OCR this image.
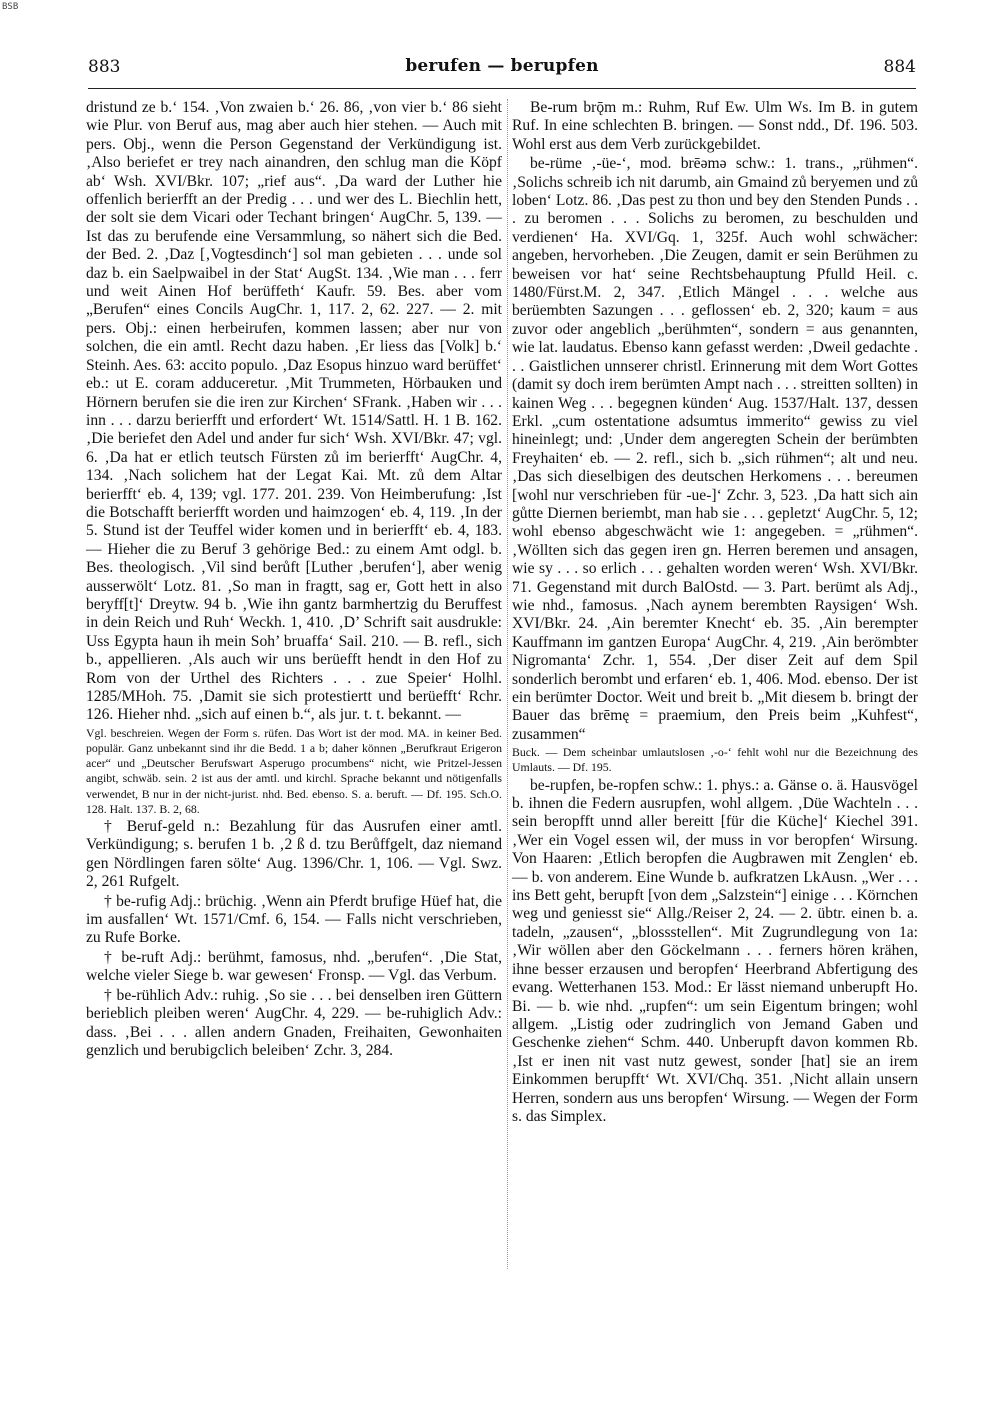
BSB
883	berufen — berupfen	884

dristund ze b.‘ 154. ‚Von zwaien b.‘ 26. 86, ‚von vier b.‘ 86 sieht wie Plur. von Beruf aus, mag aber auch hier stehen. — Auch mit pers. Obj., wenn die Person Gegenstand der Verkündigung ist. ‚Also beriefet er trey nach ainandren, den schlug man die Köpf ab‘ Wsh. XVI/Bkr. 107; „rief aus“. ‚Da ward der Luther hie offenlich berierfft an der Predig . . . und wer des L. Biechlin hett, der solt sie dem Vicari oder Techant bringen‘ AugChr. 5, 139. — Ist das zu berufende eine Versammlung, so nähert sich die Bed. der Bed. 2. ‚Daz [‚Vogtesdinch‘] sol man gebieten . . . unde sol daz b. ein Saelpwaibel in der Stat‘ AugSt. 134. ‚Wie man . . . ferr und weit Ainen Hof berüffeth‘ Kaufr. 59. Bes. aber vom „Berufen“ eines Concils AugChr. 1, 117. 2, 62. 227. — 2. mit pers. Obj.: einen herbeirufen, kommen lassen; aber nur von solchen, die ein amtl. Recht dazu haben. ‚Er liess das [Volk] b.‘ Steinh. Aes. 63: accito populo. ‚Daz Esopus hinzuo ward berüffet‘ eb.: ut E. coram adduceretur. ‚Mit Trummeten, Hörbauken und Hörnern berufen sie die iren zur Kirchen‘ SFrank. ‚Haben wir . . . inn . . . darzu berierfft und erfordert‘ Wt. 1514/Sattl. H. 1 B. 162. ‚Die beriefet den Adel und ander fur sich‘ Wsh. XVI/Bkr. 47; vgl. 6. ‚Da hat er etlich teutsch Fürsten zů im berierfft‘ AugChr. 4, 134. ‚Nach solichem hat der Legat Kai. Mt. zů dem Altar berierfft‘ eb. 4, 139; vgl. 177. 201. 239. Von Heimberufung: ‚Ist die Botschafft berierfft worden und haimzogen‘ eb. 4, 119. ‚In der 5. Stund ist der Teuffel wider komen und in berierfft‘ eb. 4, 183. — Hieher die zu Beruf 3 gehörige Bed.: zu einem Amt odgl. b. Bes. theologisch. ‚Vil sind berůft [Luther ‚berufen‘], aber wenig ausserwölt‘ Lotz. 81. ‚So man in fragtt, sag er, Gott hett in also beryff[t]‘ Dreytw. 94 b. ‚Wie ihn gantz barmhertzig du Beruffest in dein Reich und Ruh‘ Weckh. 1, 410. ‚D’ Schrift sait ausdrukle: Uss Egypta haun ih mein Soh’ bruaffa‘ Sail. 210. — B. refl., sich b., appellieren. ‚Als auch wir uns berüefft hendt in den Hof zu Rom von der Urthel des Richters . . . zue Speier‘ Holhl. 1285/MHoh. 75. ‚Damit sie sich protestiertt und berüefft‘ Rchr. 126. Hieher nhd. „sich auf einen b.“, als jur. t. t. bekannt. —

Vgl. beschreien. Wegen der Form s. rüfen. Das Wort ist der mod. MA. in keiner Bed. populär. Ganz unbekannt sind ihr die Bedd. 1 a b; daher können „Berufkraut Erigeron acer“ und „Deutscher Berufswart Asperugo procumbens“ nicht, wie Pritzel-Jessen angibt, schwäb. sein. 2 ist aus der amtl. und kirchl. Sprache bekannt und nötigenfalls verwendet, B nur in der nicht-jurist. nhd. Bed. ebenso. S. a. beruft. — Df. 195. Sch.O. 128. Halt. 137. B. 2, 68.

† Beruf-geld n.: Bezahlung für das Ausrufen einer amtl. Verkündigung; s. berufen 1 b. ‚2 ß d. tzu Berůffgelt, daz niemand gen Nördlingen faren sölte‘ Aug. 1396/Chr. 1, 106. — Vgl. Swz. 2, 261 Rufgelt.

† be-rufig Adj.: brüchig. ‚Wenn ain Pferdt brufige Hüef hat, die im ausfallen‘ Wt. 1571/Cmf. 6, 154. — Falls nicht verschrieben, zu Rufe Borke.

† be-ruft Adj.: berühmt, famosus, nhd. „berufen“. ‚Die Stat, welche vieler Siege b. war gewesen‘ Fronsp. — Vgl. das Verbum.

† be-rühlich Adv.: ruhig. ‚So sie . . . bei denselben iren Güttern berieblich pleiben weren‘ AugChr. 4, 229. — be-ruhiglich Adv.: dass. ‚Bei . . . allen andern Gnaden, Freihaiten, Gewonhaiten genzlich und berubigclich beleiben‘ Zchr. 3, 284.

Be-rum brǭm m.: Ruhm, Ruf Ew. Ulm Ws. Im B. in gutem Ruf. In eine schlechten B. bringen. — Sonst ndd., Df. 196. 503. Wohl erst aus dem Verb zurückgebildet.

be-rüme ‚-üe-‘, mod. brēəmə schw.: 1. trans., „rühmen“. ‚Solichs schreib ich nit darumb, ain Gmaind zů beryemen und zů loben‘ Lotz. 86. ‚Das pest zu thon und bey den Stenden Punds . . . zu beromen . . . Solichs zu beromen, zu beschulden und verdienen‘ Ha. XVI/Gq. 1, 325f. Auch wohl schwächer: angeben, hervorheben. ‚Die Zeugen, damit er sein Berühmen zu beweisen vor hat‘ seine Rechtsbehauptung Pfulld Heil. c. 1480/Fürst.M. 2, 347. ‚Etlich Mängel . . . welche aus berüembten Sazungen . . . geflossen‘ eb. 2, 320; kaum = aus zuvor oder angeblich „berühmten“, sondern = aus genannten, wie lat. laudatus. Ebenso kann gefasst werden: ‚Dweil gedachte . . . Gaistlichen unnserer christl. Erinnerung mit dem Wort Gottes (damit sy doch irem berümten Ampt nach . . . streitten sollten) in kainen Weg . . . begegnen künden‘ Aug. 1537/Halt. 137, dessen Erkl. „cum ostentatione adsumtus immerito“ gewiss zu viel hineinlegt; und: ‚Under dem angeregten Schein der berümbten Freyhaiten‘ eb. — 2. refl., sich b. „sich rühmen“; alt und neu. ‚Das sich dieselbigen des deutschen Herkomens . . . bereumen [wohl nur verschrieben für -ue-]‘ Zchr. 3, 523. ‚Da hatt sich ain gůtte Diernen beriembt, man hab sie . . . gepletzt‘ AugChr. 5, 12; wohl ebenso abgeschwächt wie 1: angegeben. = „rühmen“. ‚Wöllten sich das gegen iren gn. Herren beremen und ansagen, wie sy . . . so erlich . . . gehalten worden weren‘ Wsh. XVI/Bkr. 71. Gegenstand mit durch BalOstd. — 3. Part. berümt als Adj., wie nhd., famosus. ‚Nach aynem berembten Raysigen‘ Wsh. XVI/Bkr. 24. ‚Ain beremter Knecht‘ eb. 35. ‚Ain berempter Kauffmann im gantzen Europa‘ AugChr. 4, 219. ‚Ain berömbter Nigromanta‘ Zchr. 1, 554. ‚Der diser Zeit auf dem Spil sonderlich berombt und erfaren‘ eb. 1, 406. Mod. ebenso. Der ist ein berümter Doctor. Weit und breit b. „Mit diesem b. bringt der Bauer das brēmę = praemium, den Preis beim „Kuhfest“, zusammen“

Buck. — Dem scheinbar umlautslosen ‚-o-‘ fehlt wohl nur die Bezeichnung des Umlauts. — Df. 195.

be-rupfen, be-ropfen schw.: 1. phys.: a. Gänse o. ä. Hausvögel b. ihnen die Federn ausrupfen, wohl allgem. ‚Düe Wachteln . . . sein beropfft unnd aller bereitt [für die Küche]‘ Kiechel 391. ‚Wer ein Vogel essen wil, der muss in vor beropfen‘ Wirsung. Von Haaren: ‚Etlich beropfen die Augbrawen mit Zenglen‘ eb. — b. von anderem. Eine Wunde b. aufkratzen LkAusn. „Wer . . . ins Bett geht, berupft [von dem „Salzstein“] einige . . . Körnchen weg und geniesst sie“ Allg./Reiser 2, 24. — 2. übtr. einen b. a. tadeln, „zausen“, „blossstellen“. Mit Zugrundlegung von 1a: ‚Wir wöllen aber den Göckelmann . . . ferners hören krähen, ihne besser erzausen und beropfen‘ Heerbrand Abfertigung des evang. Wetterhanen 153. Mod.: Er lässt niemand unberupft Ho. Bi. — b. wie nhd. „rupfen“: um sein Eigentum bringen; wohl allgem. „Listig oder zudringlich von Jemand Gaben und Geschenke ziehen“ Schm. 440. Unberupft davon kommen Rb. ‚Ist er inen nit vast nutz gewest, sonder [hat] sie an irem Einkommen berupfft‘ Wt. XVI/Chq. 351. ‚Nicht allain unsern Herren, sondern aus uns beropfen‘ Wirsung. — Wegen der Form s. das Simplex.
